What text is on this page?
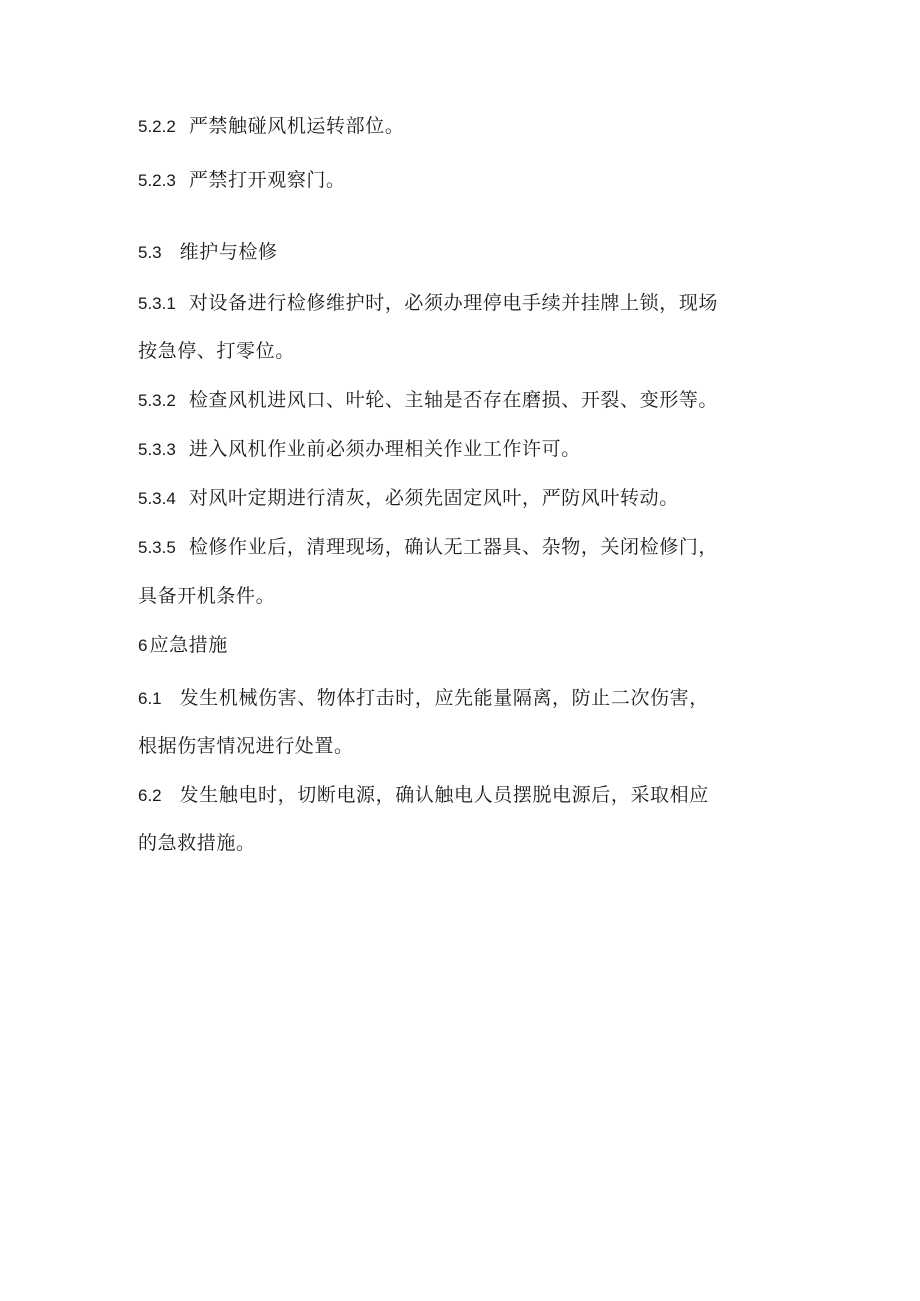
5.2.2 严禁触碰风机运转部位。
5.2.3 严禁打开观察门。
5.3 维护与检修
5.3.1 对设备进行检修维护时，必须办理停电手续并挂牌上锁，现场
按急停、打零位。
5.3.2 检查风机进风口、叶轮、主轴是否存在磨损、开裂、变形等。
5.3.3 进入风机作业前必须办理相关作业工作许可。
5.3.4 对风叶定期进行清灰，必须先固定风叶，严防风叶转动。
5.3.5 检修作业后，清理现场，确认无工器具、杂物，关闭检修门，
具备开机条件。
6 应急措施
6.1 发生机械伤害、物体打击时，应先能量隔离，防止二次伤害，
根据伤害情况进行处置。
6.2 发生触电时，切断电源，确认触电人员摆脱电源后，采取相应
的急救措施。
